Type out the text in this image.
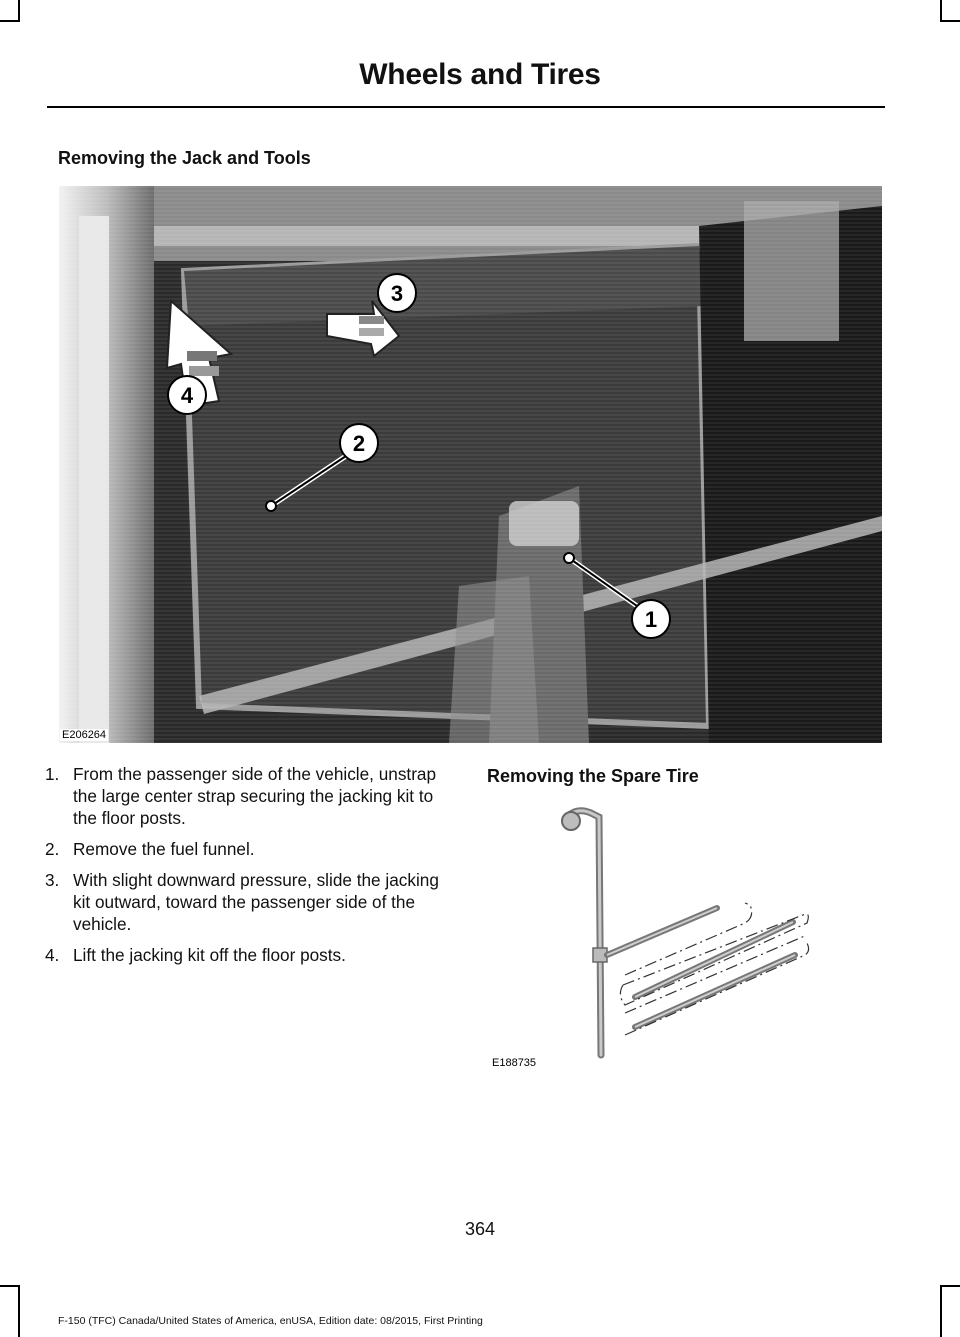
Wheels and Tires
Removing the Jack and Tools
1
2
3
4
E206264
1. From the passenger side of the vehicle, unstrap the large center strap securing the jacking kit to the floor posts.
2. Remove the fuel funnel.
3. With slight downward pressure, slide the jacking kit outward, toward the passenger side of the vehicle.
4. Lift the jacking kit off the floor posts.
Removing the Spare Tire
E188735
364
F-150 (TFC) Canada/United States of America, enUSA, Edition date: 08/2015, First Printing
